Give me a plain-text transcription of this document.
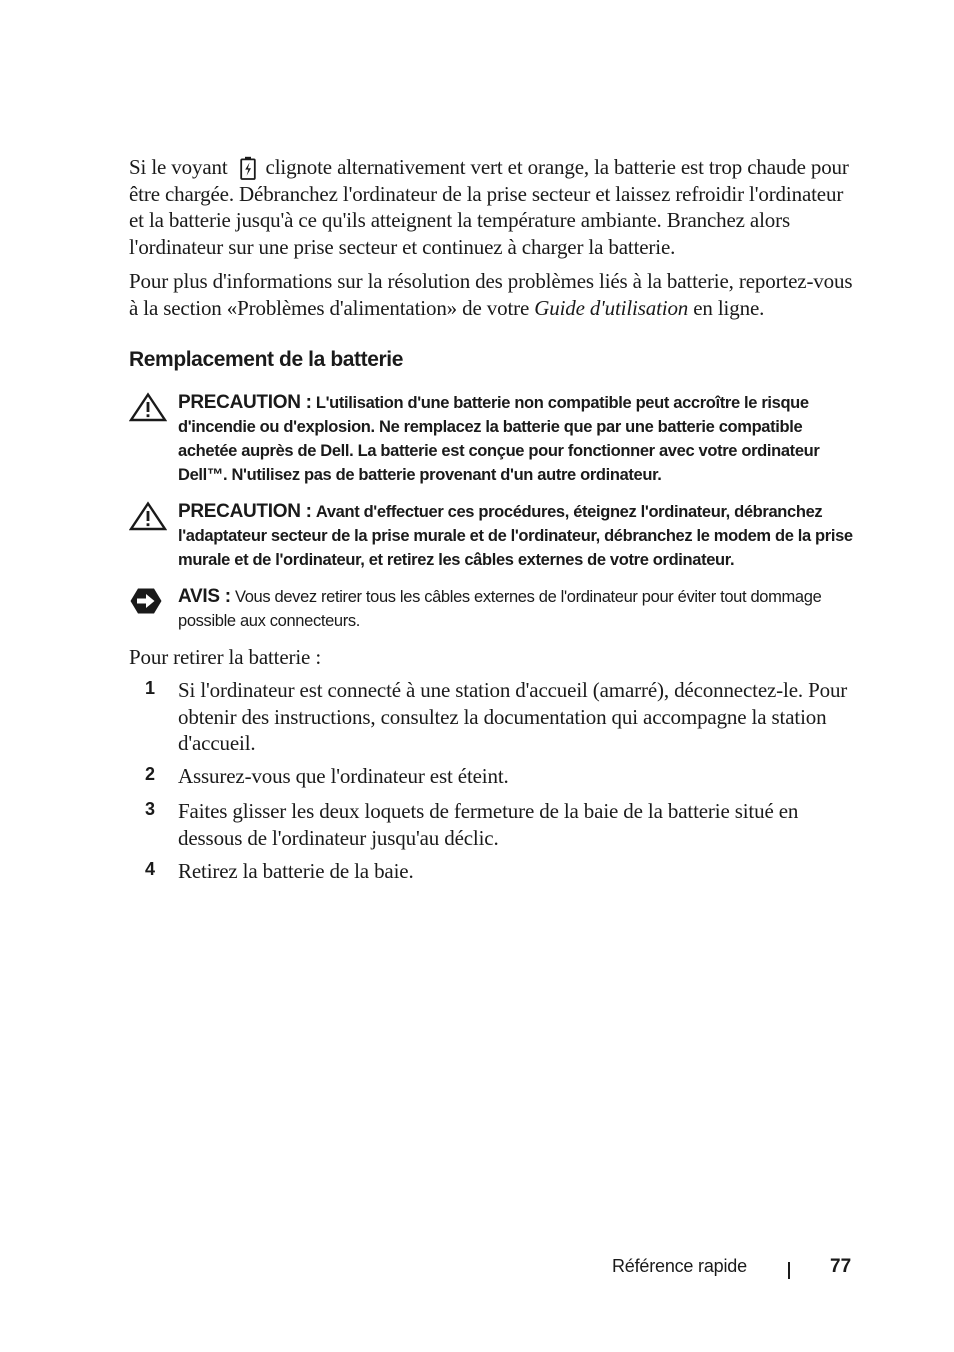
Si le voyant clignote alternativement vert et orange, la batterie est trop chaude pour être chargée. Débranchez l'ordinateur de la prise secteur et laissez refroidir l'ordinateur et la batterie jusqu'à ce qu'ils atteignent la température ambiante. Branchez alors l'ordinateur sur une prise secteur et continuez à charger la batterie.

Pour plus d'informations sur la résolution des problèmes liés à la batterie, reportez-vous à la section «Problèmes d'alimentation» de votre Guide d'utilisation en ligne.

Remplacement de la batterie
PRECAUTION : L'utilisation d'une batterie non compatible peut accroître le risque d'incendie ou d'explosion. Ne remplacez la batterie que par une batterie compatible achetée auprès de Dell. La batterie est conçue pour fonctionner avec votre ordinateur Dell™. N'utilisez pas de batterie provenant d'un autre ordinateur.
PRECAUTION : Avant d'effectuer ces procédures, éteignez l'ordinateur, débranchez l'adaptateur secteur de la prise murale et de l'ordinateur, débranchez le modem de la prise murale et de l'ordinateur, et retirez les câbles externes de votre ordinateur.
AVIS : Vous devez retirer tous les câbles externes de l'ordinateur pour éviter tout dommage possible aux connecteurs.

Pour retirer la batterie :

1 Si l'ordinateur est connecté à une station d'accueil (amarré), déconnectez-le. Pour obtenir des instructions, consultez la documentation qui accompagne la station d'accueil.
2 Assurez-vous que l'ordinateur est éteint.
3 Faites glisser les deux loquets de fermeture de la baie de la batterie situé en dessous de l'ordinateur jusqu'au déclic.
4 Retirez la batterie de la baie.
Référence rapide	77
